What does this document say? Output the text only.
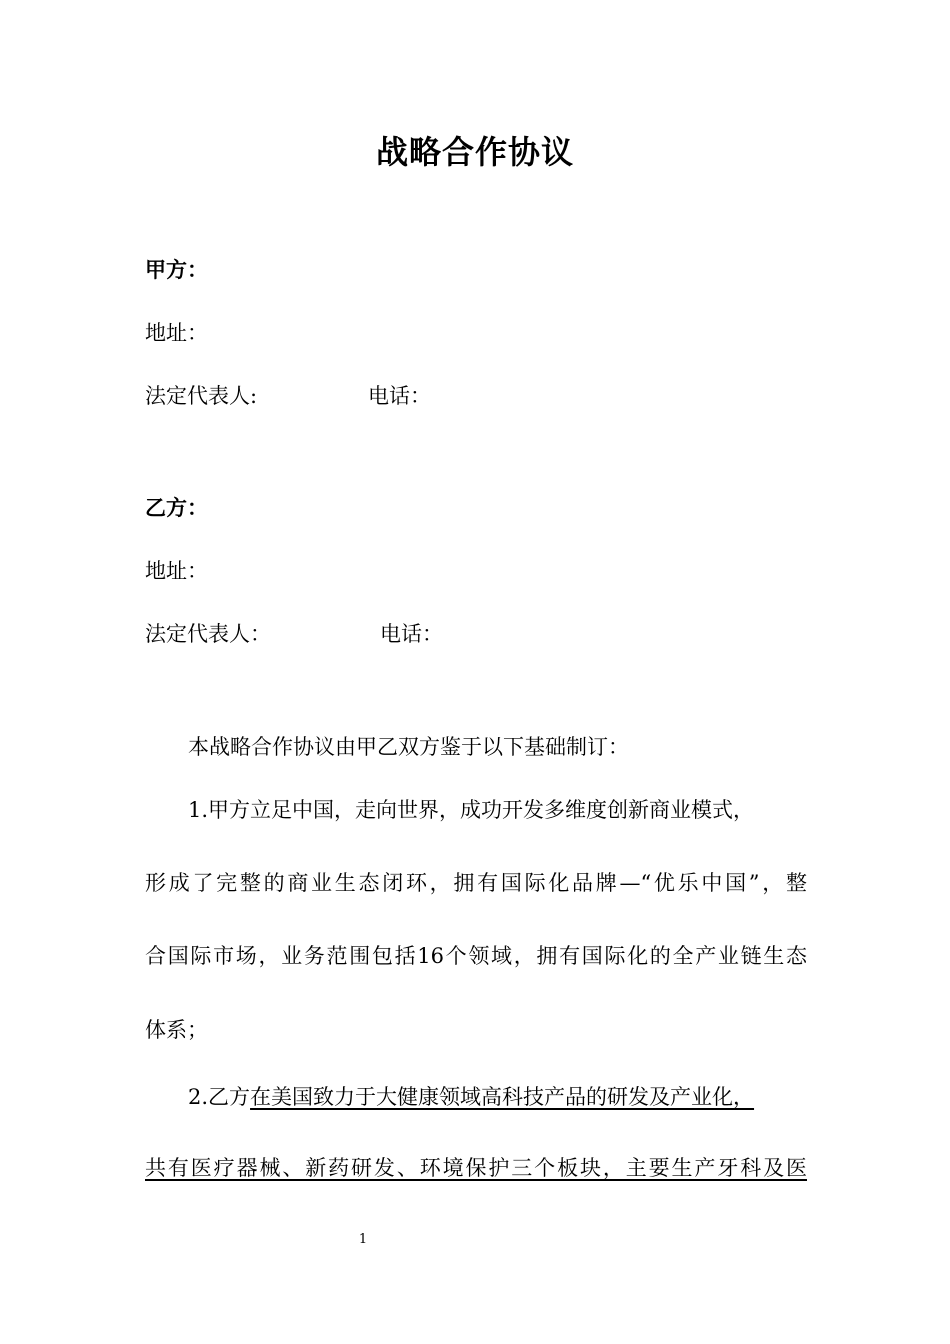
战略合作协议
甲方：
地址：
法定代表人:	电话：
乙方：
地址：
法定代表人：	电话：
本战略合作协议由甲乙双方鉴于以下基础制订：
1.甲方立足中国，走向世界，成功开发多维度创新商业模式，
形成了完整的商业生态闭环，拥有国际化品牌—“优乐中国”，整
合国际市场，业务范围包括16个领域，拥有国际化的全产业链生态
体系；
2.乙方在美国致力于大健康领域高科技产品的研发及产业化，
共有医疗器械、新药研发、环境保护三个板块，主要生产牙科及医
1
